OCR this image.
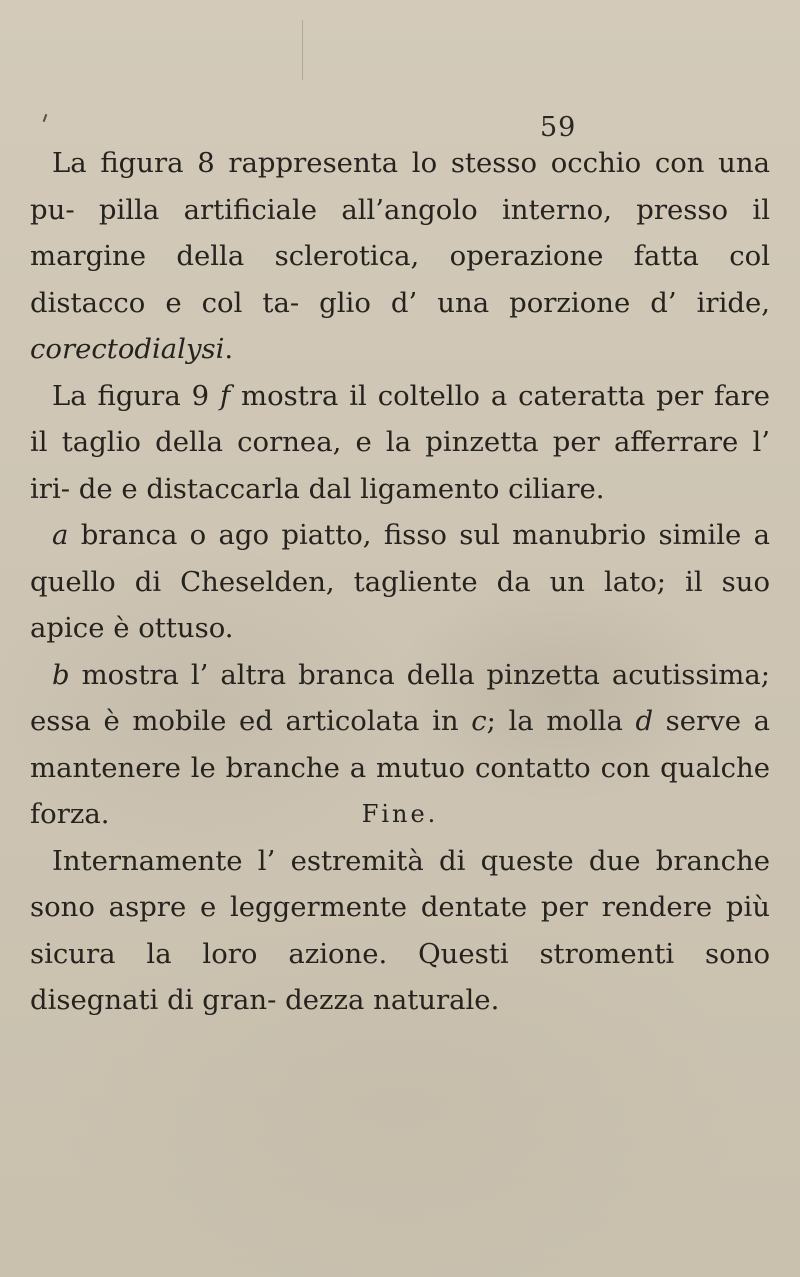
59

La figura 8 rappresenta lo stesso occhio con una pu- pilla artificiale all’angolo interno, presso il margine della sclerotica, operazione fatta col distacco e col ta- glio d’ una porzione d’ iride, corectodialysi.

La figura 9 f mostra il coltello a cateratta per fare il taglio della cornea, e la pinzetta per afferrare l’ iri- de e distaccarla dal ligamento ciliare.

a branca o ago piatto, fisso sul manubrio simile a quello di Cheselden, tagliente da un lato; il suo apice è ottuso.

b mostra l’ altra branca della pinzetta acutissima; essa è mobile ed articolata in c; la molla d serve a mantenere le branche a mutuo contatto con qualche forza.

Internamente l’ estremità di queste due branche sono aspre e leggermente dentate per rendere più sicura la loro azione. Questi stromenti sono disegnati di gran- dezza naturale.

Fine.
